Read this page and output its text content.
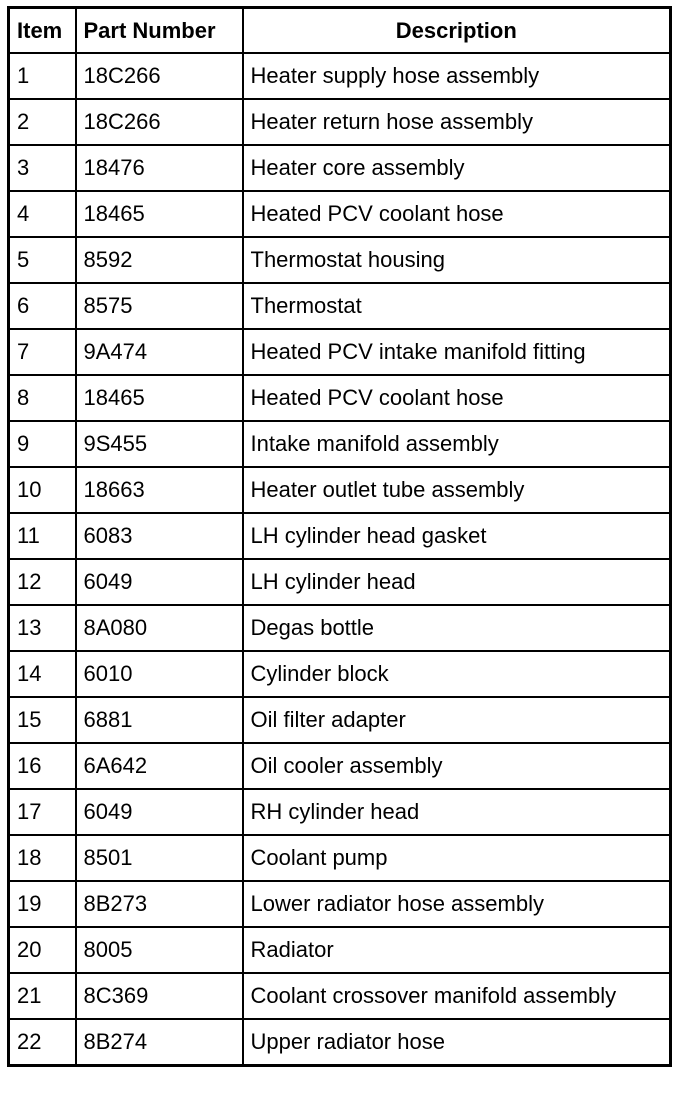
Item	Part Number	Description
1	18C266	Heater supply hose assembly
2	18C266	Heater return hose assembly
3	18476	Heater core assembly
4	18465	Heated PCV coolant hose
5	8592	Thermostat housing
6	8575	Thermostat
7	9A474	Heated PCV intake manifold fitting
8	18465	Heated PCV coolant hose
9	9S455	Intake manifold assembly
10	18663	Heater outlet tube assembly
11	6083	LH cylinder head gasket
12	6049	LH cylinder head
13	8A080	Degas bottle
14	6010	Cylinder block
15	6881	Oil filter adapter
16	6A642	Oil cooler assembly
17	6049	RH cylinder head
18	8501	Coolant pump
19	8B273	Lower radiator hose assembly
20	8005	Radiator
21	8C369	Coolant crossover manifold assembly
22	8B274	Upper radiator hose
